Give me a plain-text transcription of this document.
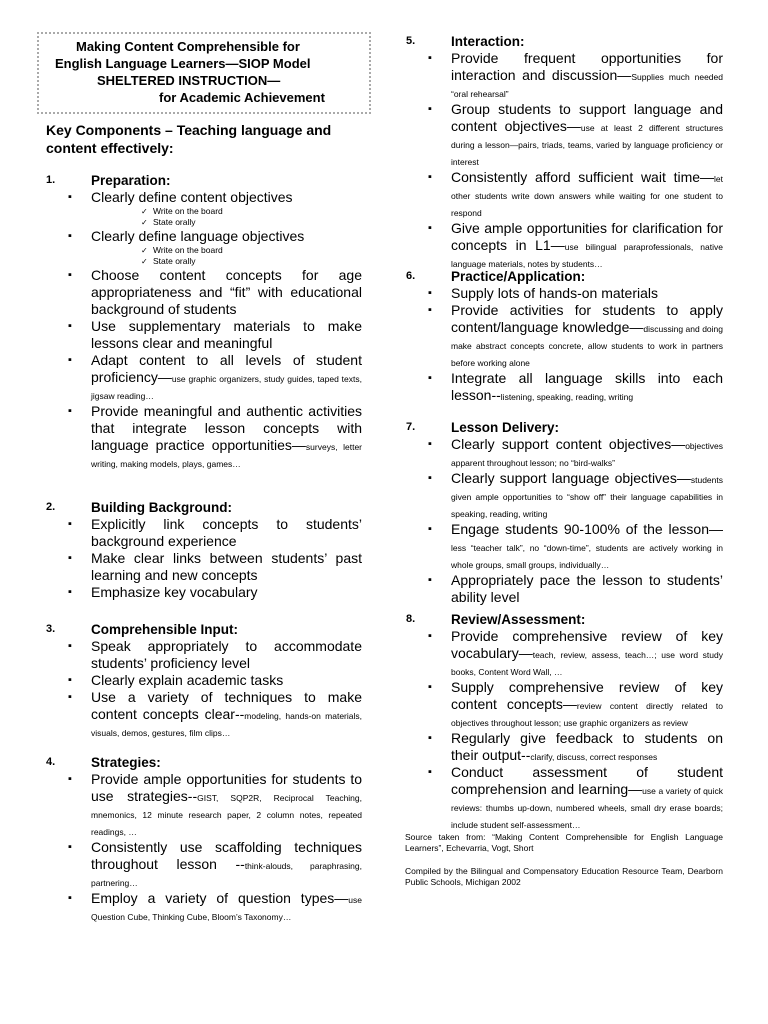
Making Content Comprehensible for

English Language Learners—SIOP Model

SHELTERED INSTRUCTION—

for Academic Achievement

Key Components – Teaching language and content effectively:
1.	Preparation:
▪ Clearly define content objectives
✓ Write on the board
✓ State orally
▪ Clearly define language objectives
✓ Write on the board
✓ State orally
▪ Choose content concepts for age appropriateness and “fit” with educational background of students
▪ Use supplementary materials to make lessons clear and meaningful
▪ Adapt content to all levels of student proficiency—use graphic organizers, study guides, taped texts, jigsaw reading…
▪ Provide meaningful and authentic activities that integrate lesson concepts with language practice opportunities—surveys, letter writing, making models, plays, games…
2.	Building Background:
▪ Explicitly link concepts to students’ background experience
▪ Make clear links between students’ past learning and new concepts
▪ Emphasize key vocabulary
3.	Comprehensible Input:
▪ Speak appropriately to accommodate students’ proficiency level
▪ Clearly explain academic tasks
▪ Use a variety of techniques to make content concepts clear--modeling, hands-on materials, visuals, demos, gestures, film clips…
4.	Strategies:
▪ Provide ample opportunities for students to use strategies--GIST, SQP2R, Reciprocal Teaching, mnemonics, 12 minute research paper, 2 column notes, repeated readings, …
▪ Consistently use scaffolding techniques throughout lesson --think-alouds, paraphrasing, partnering…
▪ Employ a variety of question types—use Question Cube, Thinking Cube, Bloom’s Taxonomy…
5.	Interaction:
▪ Provide frequent opportunities for interaction and discussion—Supplies much needed “oral rehearsal”
▪ Group students to support language and content objectives—use at least 2 different structures during a lesson—pairs, triads, teams, varied by language proficiency or interest
▪ Consistently afford sufficient wait time—let other students write down answers while waiting for one student to respond
▪ Give ample opportunities for clarification for concepts in L1—use bilingual paraprofessionals, native language materials, notes by students…
6.	Practice/Application:
▪ Supply lots of hands-on materials
▪ Provide activities for students to apply content/language knowledge—discussing and doing make abstract concepts concrete, allow students to work in partners before working alone
▪ Integrate all language skills into each lesson--listening, speaking, reading, writing
7.	Lesson Delivery:
▪ Clearly support content objectives—objectives apparent throughout lesson; no “bird-walks”
▪ Clearly support language objectives—students given ample opportunities to “show off” their language capabilities in speaking, reading, writing
▪ Engage students 90-100% of the lesson—less “teacher talk”, no “down-time”, students are actively working in whole groups, small groups, individually…
▪ Appropriately pace the lesson to students’ ability level
8.	Review/Assessment:
▪ Provide comprehensive review of key vocabulary—teach, review, assess, teach…; use word study books, Content Word Wall, …
▪ Supply comprehensive review of key content concepts—review content directly related to objectives throughout lesson; use graphic organizers as review
▪ Regularly give feedback to students on their output--clarify, discuss, correct responses
▪ Conduct assessment of student comprehension and learning—use a variety of quick reviews: thumbs up-down, numbered wheels, small dry erase boards; include student self-assessment…
Source taken from: “Making Content Comprehensible for English Language Learners”, Echevarria, Vogt, Short
Compiled by the Bilingual and Compensatory Education Resource Team, Dearborn Public Schools, Michigan 2002
